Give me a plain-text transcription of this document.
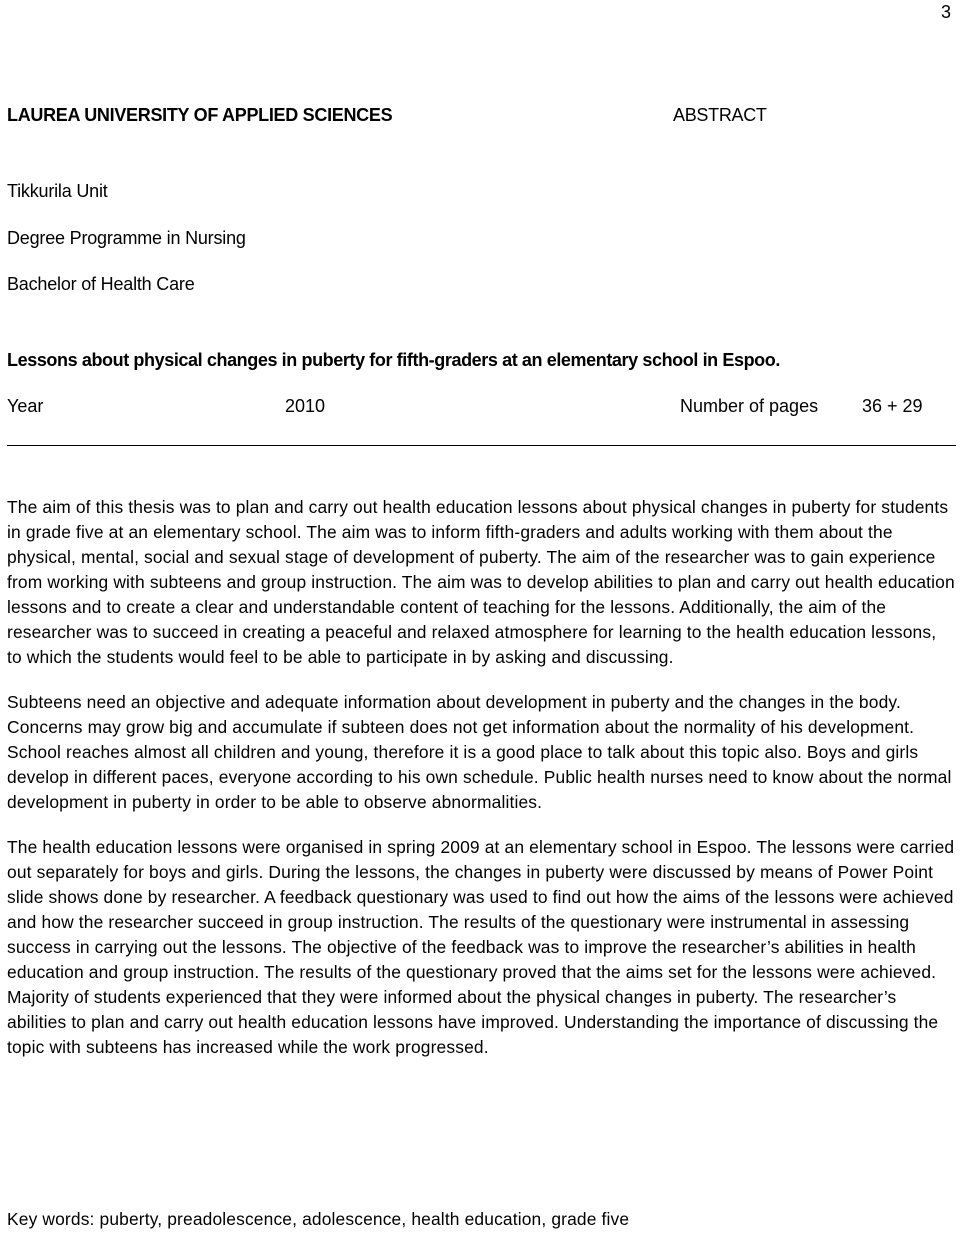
3
LAUREA UNIVERSITY OF APPLIED SCIENCES	ABSTRACT
Tikkurila Unit
Degree Programme in Nursing
Bachelor of Health Care
Lessons about physical changes in puberty for fifth-graders at an elementary school in Espoo.
Year	2010	Number of pages 36 + 29

The aim of this thesis was to plan and carry out health education lessons about physical changes in puberty for students in grade five at an elementary school. The aim was to inform fifth-graders and adults working with them about the physical, mental, social and sexual stage of development of puberty. The aim of the researcher was to gain experience from working with subteens and group instruction. The aim was to develop abilities to plan and carry out health education lessons and to create a clear and understandable content of teaching for the lessons. Additionally, the aim of the researcher was to succeed in creating a peaceful and relaxed atmosphere for learning to the health education lessons, to which the students would feel to be able to participate in by asking and discussing.

Subteens need an objective and adequate information about development in puberty and the changes in the body. Concerns may grow big and accumulate if subteen does not get information about the normality of his development. School reaches almost all children and young, therefore it is a good place to talk about this topic also. Boys and girls develop in different paces, everyone according to his own schedule. Public health nurses need to know about the normal development in puberty in order to be able to observe abnormalities.

The health education lessons were organised in spring 2009 at an elementary school in Espoo. The lessons were carried out separately for boys and girls. During the lessons, the changes in puberty were discussed by means of Power Point slide shows done by researcher. A feedback questionary was used to find out how the aims of the lessons were achieved and how the researcher succeed in group instruction. The results of the questionary were instrumental in assessing success in carrying out the lessons. The objective of the feedback was to improve the researcher’s abilities in health education and group instruction. The results of the questionary proved that the aims set for the lessons were achieved. Majority of students experienced that they were informed about the physical changes in puberty. The researcher’s abilities to plan and carry out health education lessons have improved. Understanding the importance of discussing the topic with subteens has increased while the work progressed.

Key words: puberty, preadolescence, adolescence, health education, grade five
